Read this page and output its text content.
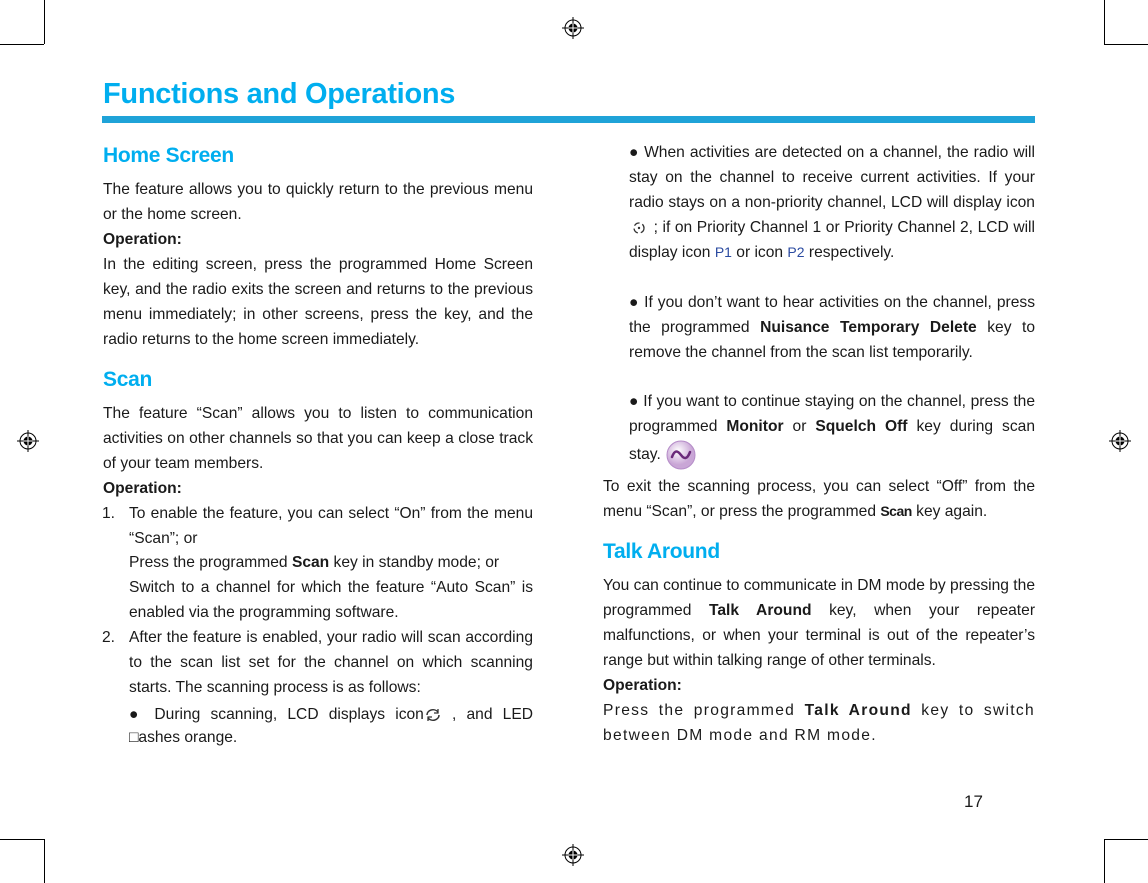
Functions and Operations
Home Screen
The feature allows you to quickly return to the previous menu or the home screen.
Operation:
In the editing screen, press the programmed Home Screen key, and the radio exits the screen and returns to the previous menu immediately; in other screens, press the key, and the radio returns to the home screen immediately.
Scan
The feature “Scan” allows you to listen to communication activities on other channels so that you can keep a close track of your team members.
Operation:
1. To enable the feature, you can select “On” from the menu “Scan”; or
Press the programmed Scan key in standby mode; or
Switch to a channel for which the feature “Auto Scan” is enabled via the programming software.
2. After the feature is enabled, your radio will scan according to the scan list set for the channel on which scanning starts. The scanning process is as follows:
● During scanning, LCD displays icon , and LED □ashes orange.
● When activities are detected on a channel, the radio will stay on the channel to receive current activities. If your radio stays on a non-priority channel, LCD will display icon  ; if on Priority Channel 1 or Priority Channel 2, LCD will display icon P1 or icon P2 respectively.
● If you don’t want to hear activities on the channel, press the programmed Nuisance Temporary Delete key to remove the channel from the scan list temporarily.
● If you want to continue staying on the channel, press the programmed Monitor or Squelch Off key during scan stay.
To exit the scanning process, you can select “Off” from the menu “Scan”, or press the programmed Scan key again.
Talk Around
You can continue to communicate in DM mode by pressing the programmed Talk Around key, when your repeater malfunctions, or when your terminal is out of the repeater’s range but within talking range of other terminals.
Operation:
Press the programmed Talk Around key to switch between DM mode and RM mode.
17
